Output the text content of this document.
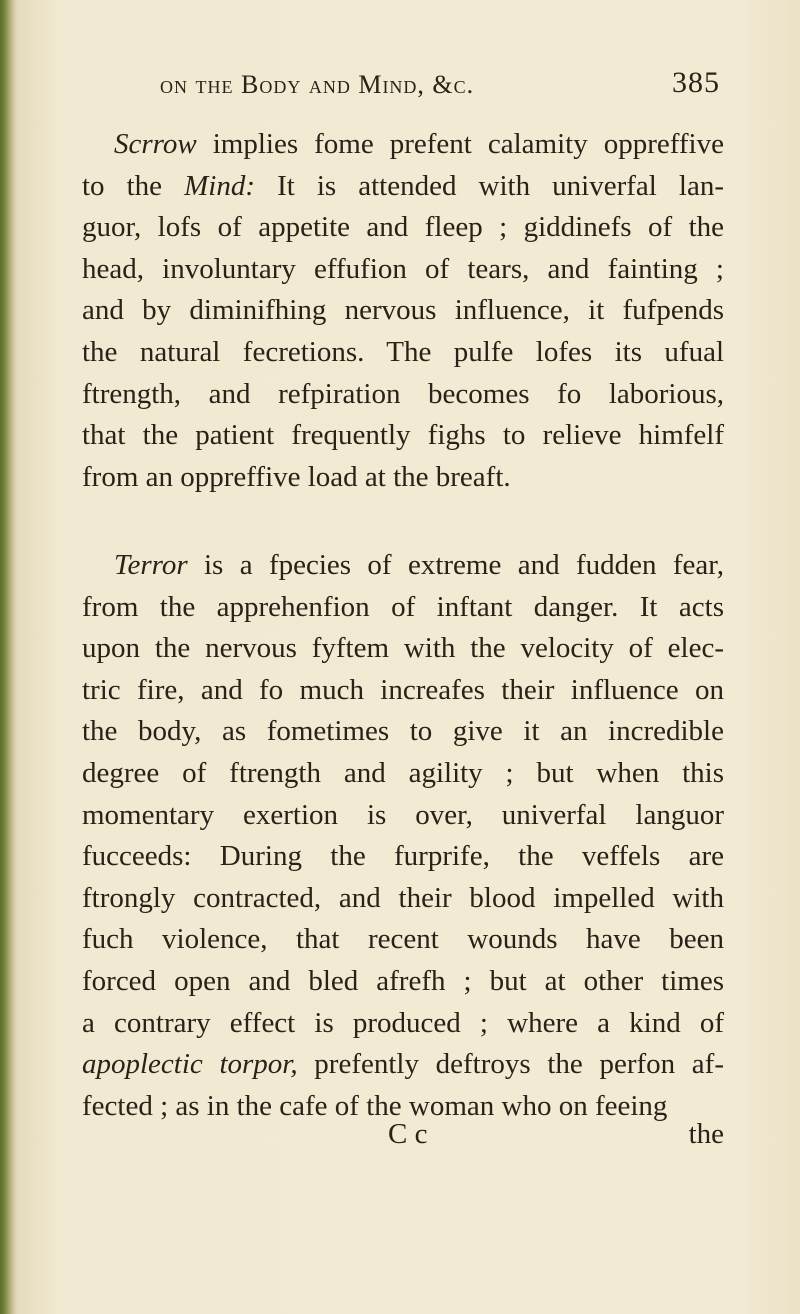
on the Body and Mind, &c.	385
Scrrow implies fome prefent calamity oppreffive
to the Mind: It is attended with univerfal lan-
guor, lofs of appetite and fleep ; giddinefs of the
head, involuntary effufion of tears, and fainting ;
and by diminifhing nervous influence, it fufpends
the natural fecretions. The pulfe lofes its ufual
ftrength, and refpiration becomes fo laborious,
that the patient frequently fighs to relieve himfelf
from an oppreffive load at the breaft.
Terror is a fpecies of extreme and fudden fear,
from the apprehenfion of inftant danger. It acts
upon the nervous fyftem with the velocity of elec-
tric fire, and fo much increafes their influence on
the body, as fometimes to give it an incredible
degree of ftrength and agility ; but when this
momentary exertion is over, univerfal languor
fucceeds: During the furprife, the veffels are
ftrongly contracted, and their blood impelled with
fuch violence, that recent wounds have been
forced open and bled afrefh ; but at other times
a contrary effect is produced ; where a kind of
apoplectic torpor, prefently deftroys the perfon af-
fected ; as in the cafe of the woman who on feeing
C c	the
